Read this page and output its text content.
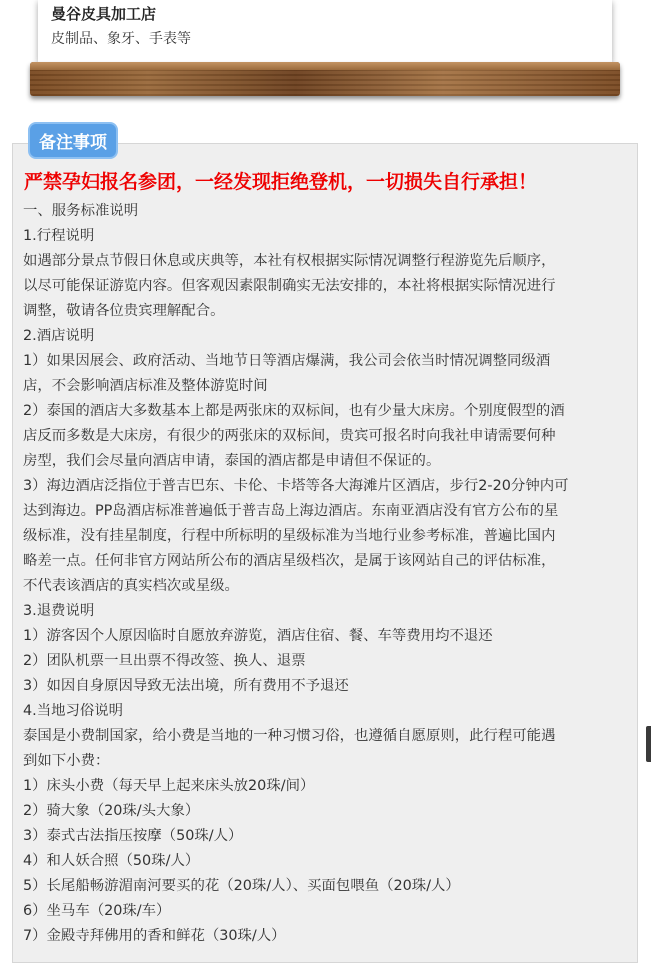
曼谷皮具加工店
皮制品、象牙、手表等
备注事项
严禁孕妇报名参团，一经发现拒绝登机，一切损失自行承担！
一、服务标准说明
1.行程说明
如遇部分景点节假日休息或庆典等，本社有权根据实际情况调整行程游览先后顺序，
以尽可能保证游览内容。但客观因素限制确实无法安排的，本社将根据实际情况进行
调整，敬请各位贵宾理解配合。
2.酒店说明
1）如果因展会、政府活动、当地节日等酒店爆满，我公司会依当时情况调整同级酒
店，不会影响酒店标准及整体游览时间
2）泰国的酒店大多数基本上都是两张床的双标间，也有少量大床房。个别度假型的酒
店反而多数是大床房，有很少的两张床的双标间，贵宾可报名时向我社申请需要何种
房型，我们会尽量向酒店申请，泰国的酒店都是申请但不保证的。
3）海边酒店泛指位于普吉巴东、卡伦、卡塔等各大海滩片区酒店，步行2-20分钟内可
达到海边。PP岛酒店标准普遍低于普吉岛上海边酒店。东南亚酒店没有官方公布的星
级标准，没有挂星制度，行程中所标明的星级标准为当地行业参考标准，普遍比国内
略差一点。任何非官方网站所公布的酒店星级档次，是属于该网站自己的评估标准，
不代表该酒店的真实档次或星级。
3.退费说明
1）游客因个人原因临时自愿放弃游览，酒店住宿、餐、车等费用均不退还
2）团队机票一旦出票不得改签、换人、退票
3）如因自身原因导致无法出境，所有费用不予退还
4.当地习俗说明
泰国是小费制国家，给小费是当地的一种习惯习俗，也遵循自愿原则，此行程可能遇
到如下小费：
1）床头小费（每天早上起来床头放20珠/间）
2）骑大象（20珠/头大象）
3）泰式古法指压按摩（50珠/人）
4）和人妖合照（50珠/人）
5）长尾船畅游湄南河要买的花（20珠/人）、买面包喂鱼（20珠/人）
6）坐马车（20珠/车）
7）金殿寺拜佛用的香和鲜花（30珠/人）
